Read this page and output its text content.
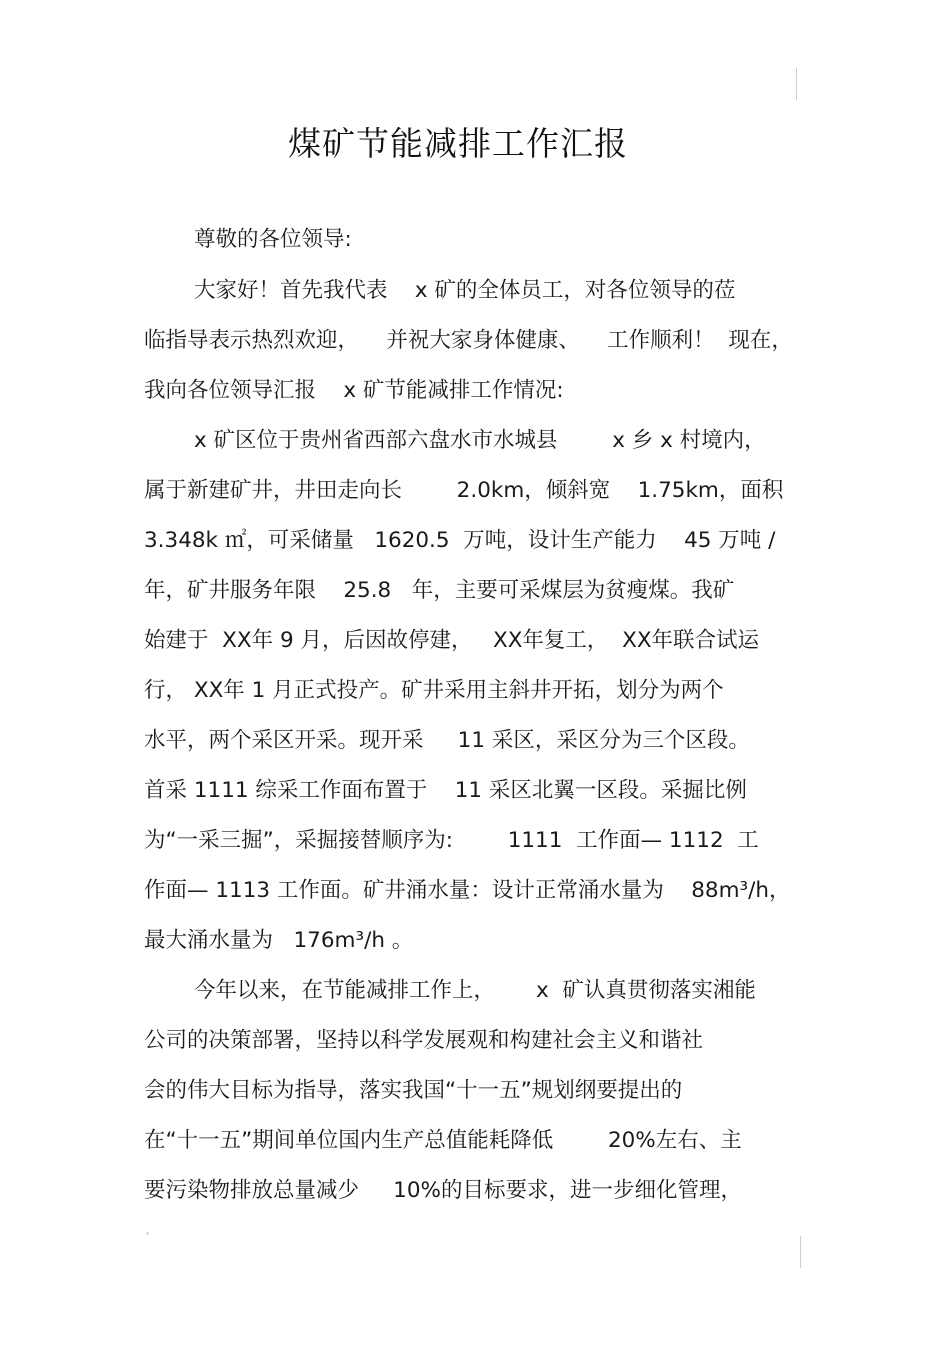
煤矿节能减排工作汇报

尊敬的各位领导:

大家好！首先我代表    x 矿的全体员工，对各位领导的莅

临指导表示热烈欢迎，    并祝大家身体健康、    工作顺利！  现在，

我向各位领导汇报    x 矿节能减排工作情况:

x 矿区位于贵州省西部六盘水市水城县        x 乡 x 村境内，

属于新建矿井，井田走向长        2.0km，倾斜宽    1.75km，面积

3.348k ㎡，可采储量   1620.5  万吨，设计生产能力    45 万吨 /

年，矿井服务年限    25.8   年，主要可采煤层为贫瘦煤。我矿

始建于  XX年 9 月，后因故停建，   XX年复工，  XX年联合试运

行， XX年 1 月正式投产。矿井采用主斜井开拓，划分为两个

水平，两个采区开采。现开采     11 采区，采区分为三个区段。

首采 1111 综采工作面布置于    11 采区北翼一区段。采掘比例

为“一采三掘”，采掘接替顺序为:        1111  工作面— 1112  工

作面— 1113 工作面。矿井涌水量：设计正常涌水量为    88m³/h，

最大涌水量为   176m³/h 。

今年以来，在节能减排工作上，      x  矿认真贯彻落实湘能

公司的决策部署，坚持以科学发展观和构建社会主义和谐社

会的伟大目标为指导，落实我国“十一五”规划纲要提出的

在“十一五”期间单位国内生产总值能耗降低        20%左右、主

要污染物排放总量减少     10%的目标要求，进一步细化管理，
